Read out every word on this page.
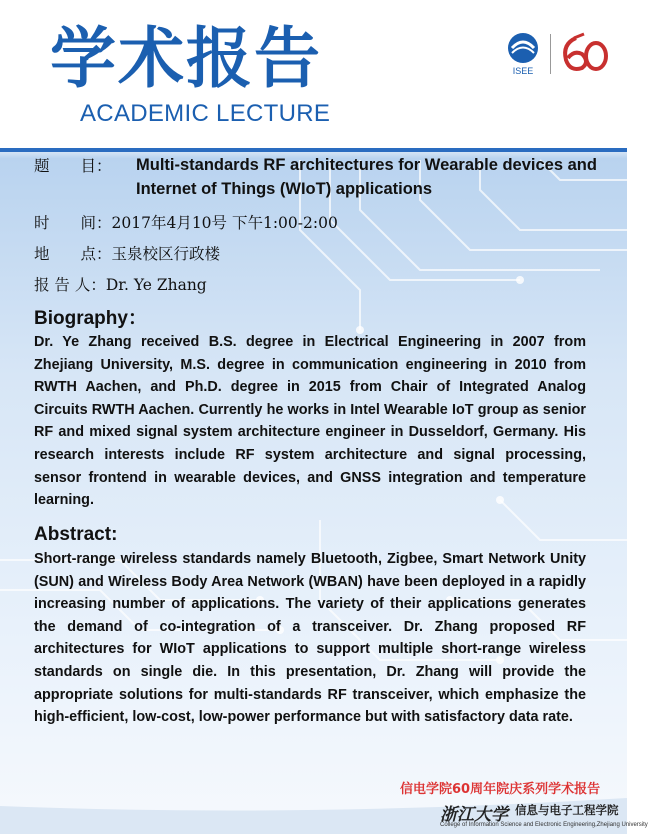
学术报告
ACADEMIC LECTURE
ISEE
题　　目： Multi-standards RF architectures for Wearable devices and Internet of Things (WIoT) applications
时　　间：2017年4月10号 下午1:00-2:00
地　　点：玉泉校区行政楼
报 告 人：Dr. Ye Zhang
Biography：
Dr. Ye Zhang received B.S. degree in Electrical Engineering in 2007 from Zhejiang University, M.S. degree in communication engineering in 2010 from RWTH Aachen, and Ph.D. degree in 2015 from Chair of Integrated Analog Circuits RWTH Aachen. Currently he works in Intel Wearable IoT group as senior RF and mixed signal system architecture engineer in Dusseldorf, Germany. His research interests include RF system architecture and signal processing, sensor frontend in wearable devices, and GNSS integration and temperature learning.
Abstract:
Short-range wireless standards namely Bluetooth, Zigbee, Smart Network Unity (SUN) and Wireless Body Area Network (WBAN) have been deployed in a rapidly increasing number of applications. The variety of their applications generates the demand of co-integration of a transceiver. Dr. Zhang proposed RF architectures for WIoT applications to support multiple short-range wireless standards on single die. In this presentation, Dr. Zhang will provide the appropriate solutions for multi-standards RF transceiver, which emphasize the high-efficient, low-cost, low-power performance but with satisfactory data rate.
信电学院60周年院庆系列学术报告
浙江大学 信息与电子工程学院
College of Information Science and Electronic Engineering,Zhejiang University
